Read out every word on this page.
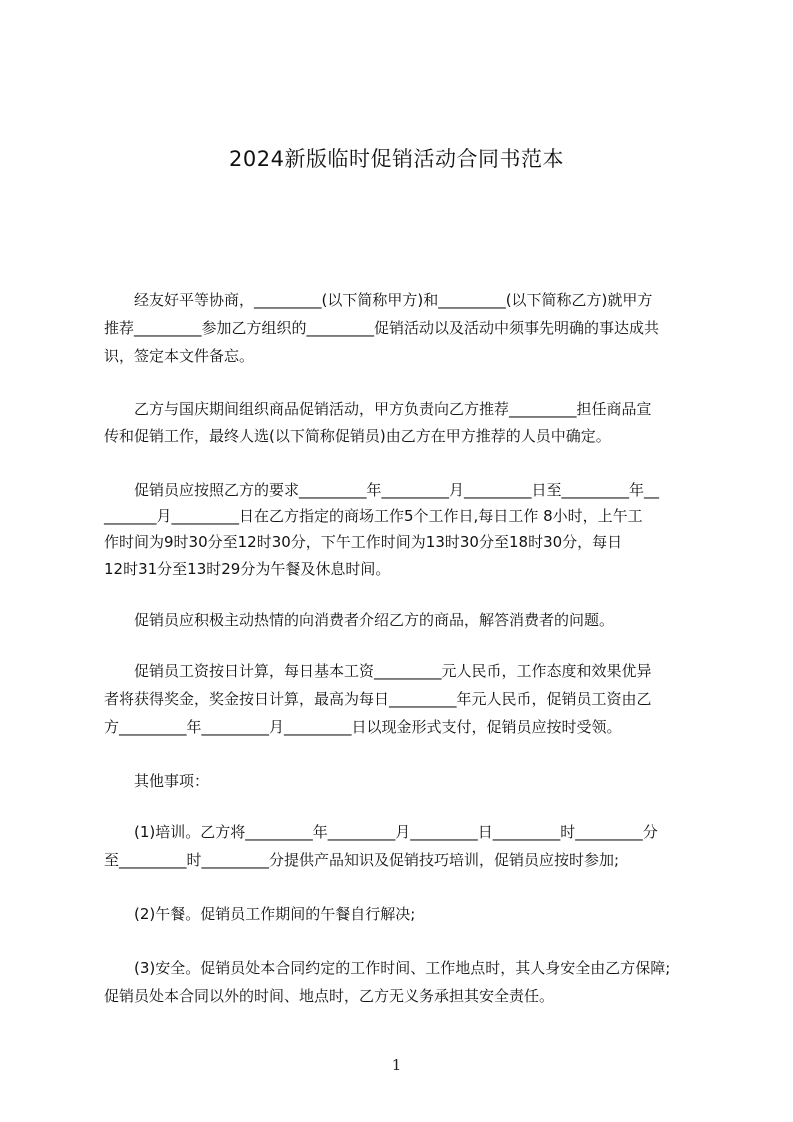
2024新版临时促销活动合同书范本
　　经友好平等协商，_________(以下简称甲方)和_________(以下简称乙方)就甲方
推荐_________参加乙方组织的_________促销活动以及活动中须事先明确的事达成共
识，签定本文件备忘。
　　乙方与国庆期间组织商品促销活动，甲方负责向乙方推荐_________担任商品宣
传和促销工作，最终人选(以下简称促销员)由乙方在甲方推荐的人员中确定。
　　促销员应按照乙方的要求_________年_________月_________日至_________年__
_______月_________日在乙方指定的商场工作5个工作日,每日工作 8小时，上午工
作时间为9时30分至12时30分，下午工作时间为13时30分至18时30分，每日
12时31分至13时29分为午餐及休息时间。
　　促销员应积极主动热情的向消费者介绍乙方的商品，解答消费者的问题。
　　促销员工资按日计算，每日基本工资_________元人民币，工作态度和效果优异
者将获得奖金，奖金按日计算，最高为每日_________年元人民币，促销员工资由乙
方_________年_________月_________日以现金形式支付，促销员应按时受领。
　　其他事项：
　　(1)培训。乙方将_________年_________月_________日_________时_________分
至_________时_________分提供产品知识及促销技巧培训，促销员应按时参加;
　　(2)午餐。促销员工作期间的午餐自行解决;
　　(3)安全。促销员处本合同约定的工作时间、工作地点时，其人身安全由乙方保障;
促销员处本合同以外的时间、地点时，乙方无义务承担其安全责任。
1
